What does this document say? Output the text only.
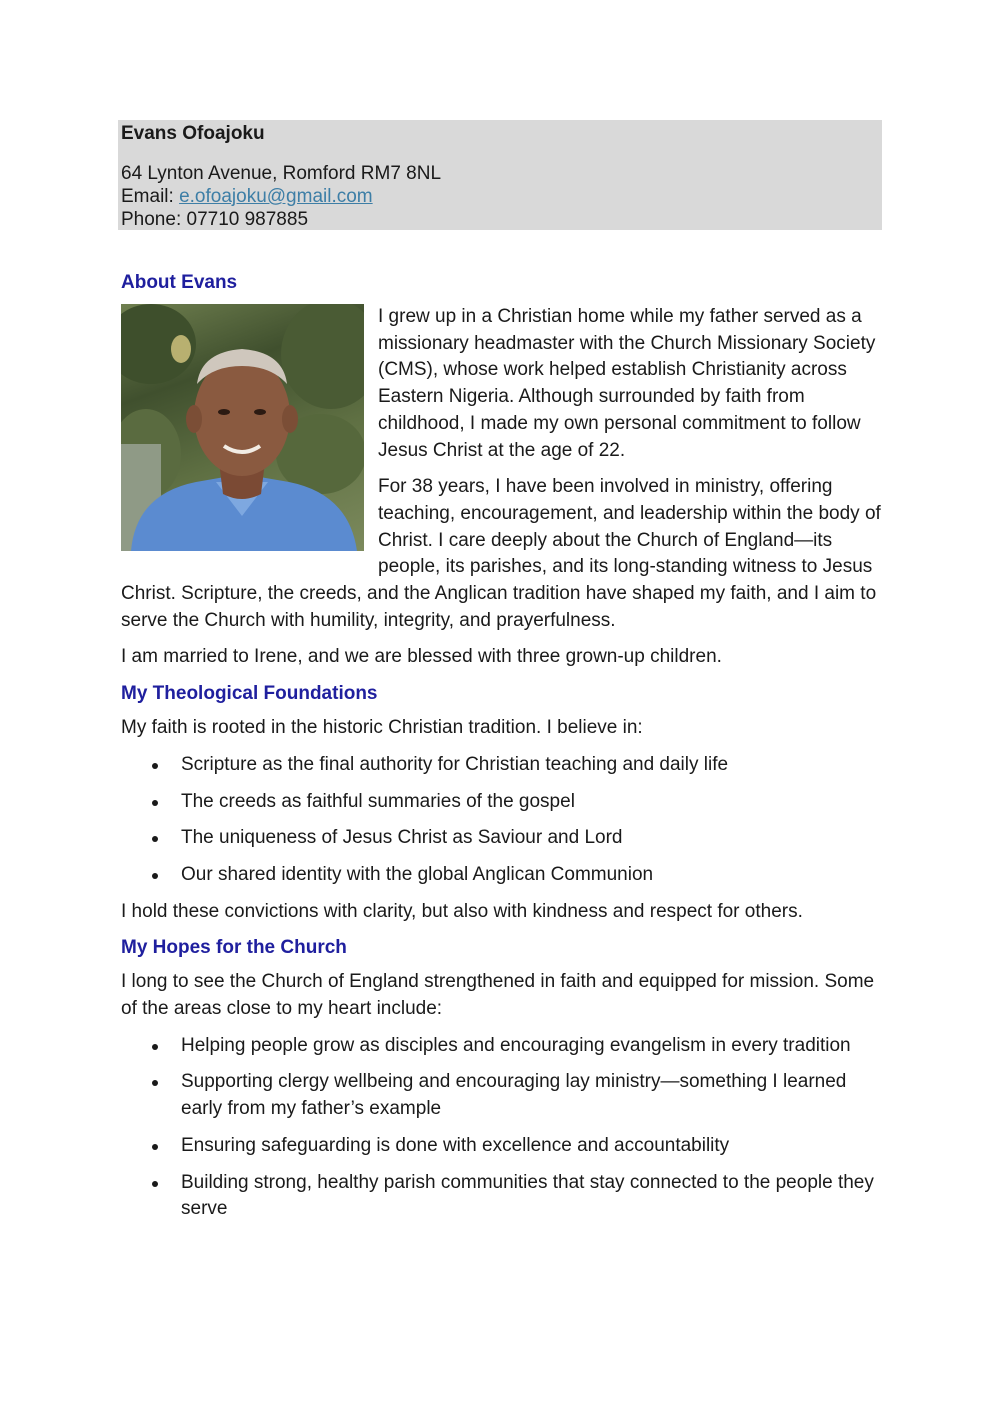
Evans Ofoajoku

64 Lynton Avenue, Romford RM7 8NL

Email: e.ofoajoku@gmail.com

Phone: 07710 987885

About Evans

I grew up in a Christian home while my father served as a missionary headmaster with the Church Missionary Society (CMS), whose work helped establish Christianity across Eastern Nigeria. Although surrounded by faith from childhood, I made my own personal commitment to follow Jesus Christ at the age of 22.

For 38 years, I have been involved in ministry, offering teaching, encouragement, and leadership within the body of Christ. I care deeply about the Church of England—its people, its parishes, and its long-standing witness to Jesus Christ. Scripture, the creeds, and the Anglican tradition have shaped my faith, and I aim to serve the Church with humility, integrity, and prayerfulness.

I am married to Irene, and we are blessed with three grown-up children.

My Theological Foundations

My faith is rooted in the historic Christian tradition. I believe in:

Scripture as the final authority for Christian teaching and daily life
The creeds as faithful summaries of the gospel
The uniqueness of Jesus Christ as Saviour and Lord
Our shared identity with the global Anglican Communion

I hold these convictions with clarity, but also with kindness and respect for others.

My Hopes for the Church

I long to see the Church of England strengthened in faith and equipped for mission. Some of the areas close to my heart include:

Helping people grow as disciples and encouraging evangelism in every tradition
Supporting clergy wellbeing and encouraging lay ministry—something I learned early from my father’s example
Ensuring safeguarding is done with excellence and accountability
Building strong, healthy parish communities that stay connected to the people they serve
